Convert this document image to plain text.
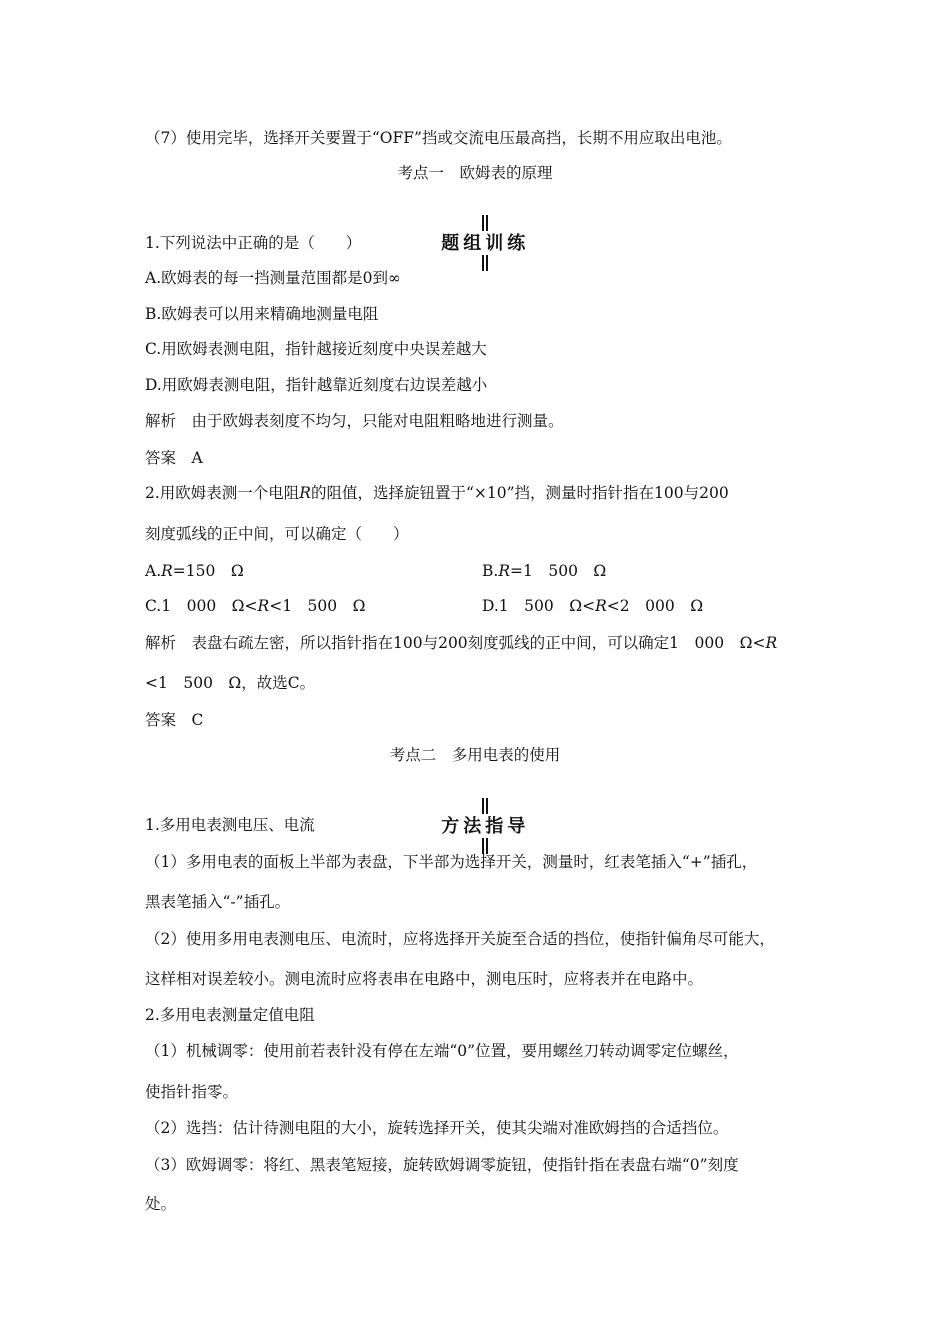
（7）使用完毕，选择开关要置于“OFF”挡或交流电压最高挡，长期不用应取出电池。
考点一　欧姆表的原理

题组训练

1.下列说法中正确的是（　　）
A.欧姆表的每一挡测量范围都是0到∞
B.欧姆表可以用来精确地测量电阻
C.用欧姆表测电阻，指针越接近刻度中央误差越大
D.用欧姆表测电阻，指针越靠近刻度右边误差越小
解析　由于欧姆表刻度不均匀，只能对电阻粗略地进行测量。
答案　A
2.用欧姆表测一个电阻R的阻值，选择旋钮置于“×10”挡，测量时指针指在100与200
刻度弧线的正中间，可以确定（　　）
A.R=150　Ω	B.R=1　500　Ω
C.1　000　Ω<R<1　500　Ω	D.1　500　Ω<R<2　000　Ω
解析　表盘右疏左密，所以指针指在100与200刻度弧线的正中间，可以确定1　000　Ω<R
<1　500　Ω，故选C。
答案　C
考点二　多用电表的使用

方法指导

1.多用电表测电压、电流
（1）多用电表的面板上半部为表盘，下半部为选择开关，测量时，红表笔插入“+”插孔，
黑表笔插入“-”插孔。
（2）使用多用电表测电压、电流时，应将选择开关旋至合适的挡位，使指针偏角尽可能大，
这样相对误差较小。测电流时应将表串在电路中，测电压时，应将表并在电路中。
2.多用电表测量定值电阻
（1）机械调零：使用前若表针没有停在左端“0”位置，要用螺丝刀转动调零定位螺丝，
使指针指零。
（2）选挡：估计待测电阻的大小，旋转选择开关，使其尖端对准欧姆挡的合适挡位。
（3）欧姆调零：将红、黑表笔短接，旋转欧姆调零旋钮，使指针指在表盘右端“0”刻度
处。
